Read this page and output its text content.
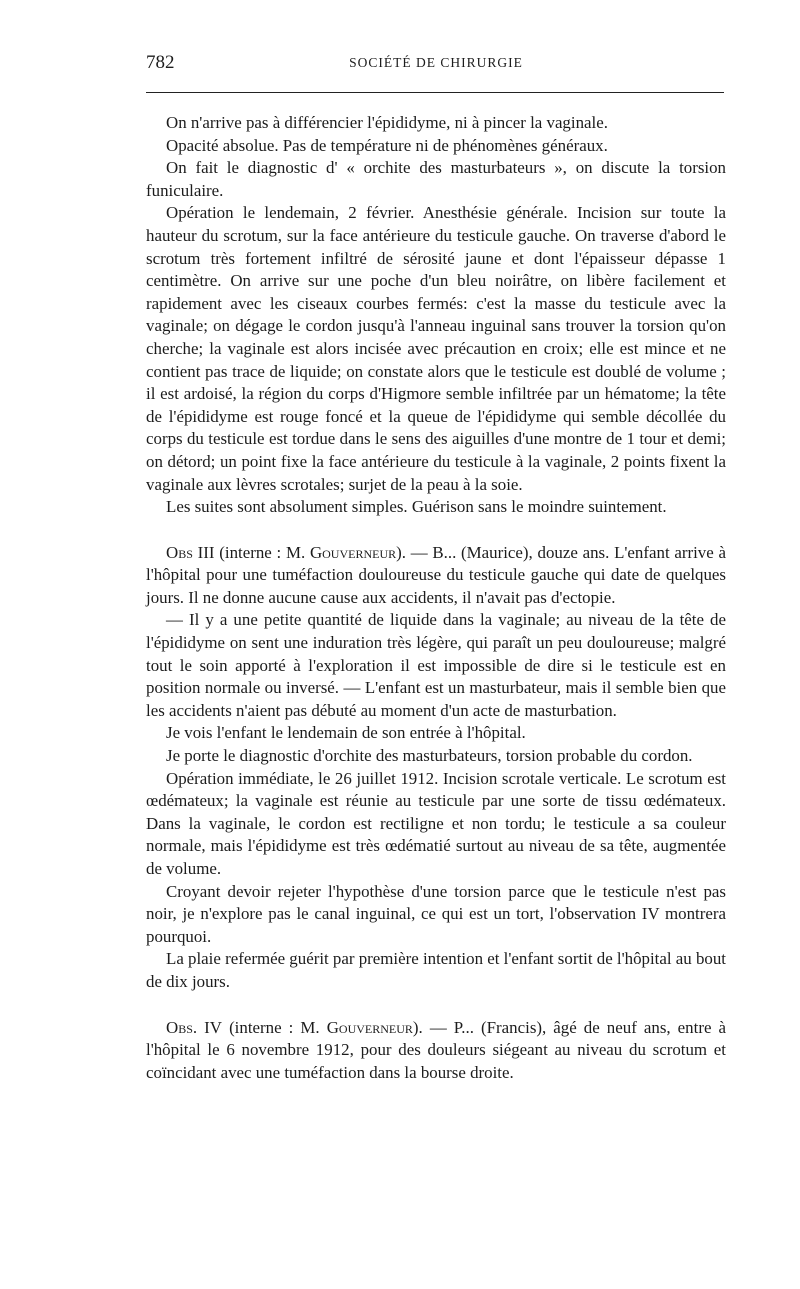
782	SOCIÉTÉ DE CHIRURGIE

On n'arrive pas à différencier l'épididyme, ni à pincer la vaginale.

Opacité absolue. Pas de température ni de phénomènes généraux.

On fait le diagnostic d' « orchite des masturbateurs », on discute la torsion funiculaire.

Opération le lendemain, 2 février. Anesthésie générale. Incision sur toute la hauteur du scrotum, sur la face antérieure du testicule gauche. On traverse d'abord le scrotum très fortement infiltré de sérosité jaune et dont l'épaisseur dépasse 1 centimètre. On arrive sur une poche d'un bleu noirâtre, on libère facilement et rapidement avec les ciseaux courbes fermés: c'est la masse du testicule avec la vaginale; on dégage le cordon jusqu'à l'anneau inguinal sans trouver la torsion qu'on cherche; la vaginale est alors incisée avec précaution en croix; elle est mince et ne contient pas trace de liquide; on constate alors que le testicule est doublé de volume ; il est ardoisé, la région du corps d'Higmore semble infiltrée par un hématome; la tête de l'épididyme est rouge foncé et la queue de l'épididyme qui semble décollée du corps du testicule est tordue dans le sens des aiguilles d'une montre de 1 tour et demi; on détord; un point fixe la face antérieure du testicule à la vaginale, 2 points fixent la vaginale aux lèvres scrotales; surjet de la peau à la soie.

Les suites sont absolument simples. Guérison sans le moindre suintement.

Obs III (interne : M. Gouverneur). — B... (Maurice), douze ans. L'enfant arrive à l'hôpital pour une tuméfaction douloureuse du testicule gauche qui date de quelques jours. Il ne donne aucune cause aux accidents, il n'avait pas d'ectopie.

— Il y a une petite quantité de liquide dans la vaginale; au niveau de la tête de l'épididyme on sent une induration très légère, qui paraît un peu douloureuse; malgré tout le soin apporté à l'exploration il est impossible de dire si le testicule est en position normale ou inversé. — L'enfant est un masturbateur, mais il semble bien que les accidents n'aient pas débuté au moment d'un acte de masturbation.

Je vois l'enfant le lendemain de son entrée à l'hôpital.

Je porte le diagnostic d'orchite des masturbateurs, torsion probable du cordon.

Opération immédiate, le 26 juillet 1912. Incision scrotale verticale. Le scrotum est œdémateux; la vaginale est réunie au testicule par une sorte de tissu œdémateux. Dans la vaginale, le cordon est rectiligne et non tordu; le testicule a sa couleur normale, mais l'épididyme est très œdématié surtout au niveau de sa tête, augmentée de volume.

Croyant devoir rejeter l'hypothèse d'une torsion parce que le testicule n'est pas noir, je n'explore pas le canal inguinal, ce qui est un tort, l'observation IV montrera pourquoi.

La plaie refermée guérit par première intention et l'enfant sortit de l'hôpital au bout de dix jours.

Obs. IV (interne : M. Gouverneur). — P... (Francis), âgé de neuf ans, entre à l'hôpital le 6 novembre 1912, pour des douleurs siégeant au niveau du scrotum et coïncidant avec une tuméfaction dans la bourse droite.
